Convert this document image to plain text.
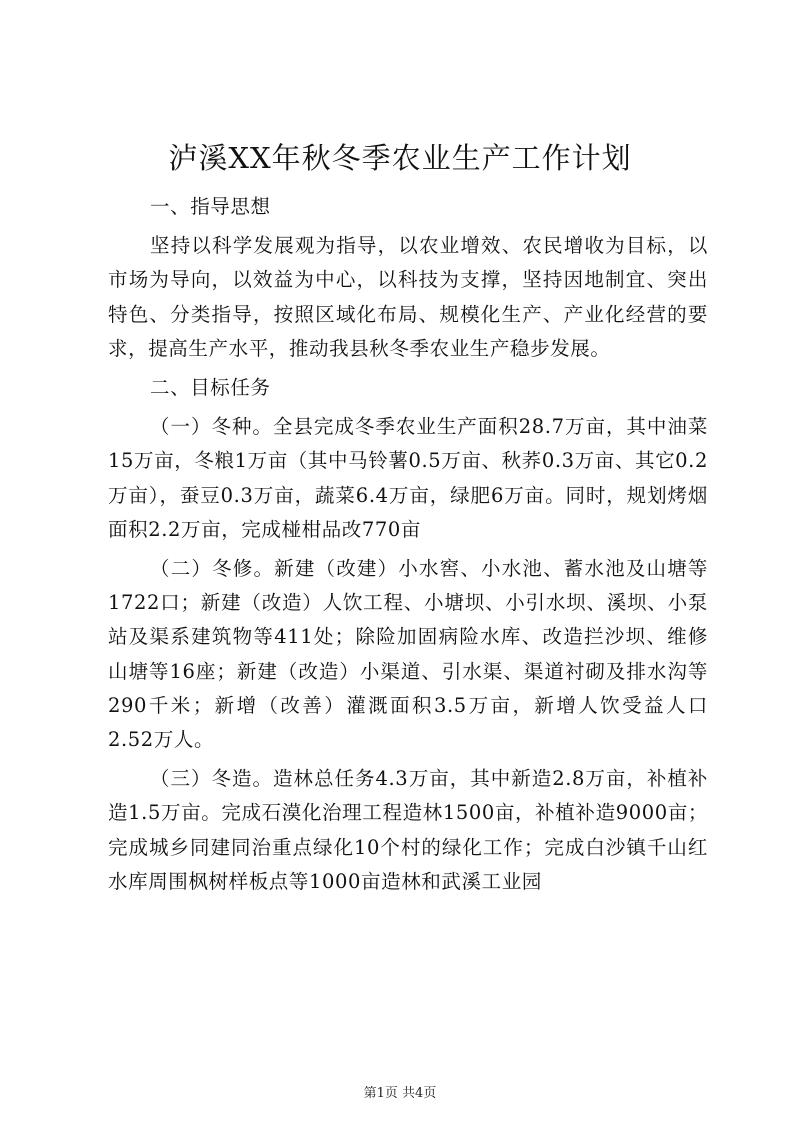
泸溪XX年秋冬季农业生产工作计划

一、指导思想

坚持以科学发展观为指导，以农业增效、农民增收为目标，以市场为导向，以效益为中心，以科技为支撑，坚持因地制宜、突出特色、分类指导，按照区域化布局、规模化生产、产业化经营的要求，提高生产水平，推动我县秋冬季农业生产稳步发展。

二、目标任务

（一）冬种。全县完成冬季农业生产面积28.7万亩，其中油菜15万亩，冬粮1万亩（其中马铃薯0.5万亩、秋荞0.3万亩、其它0.2万亩），蚕豆0.3万亩，蔬菜6.4万亩，绿肥6万亩。同时，规划烤烟面积2.2万亩，完成椪柑品改770亩

（二）冬修。新建（改建）小水窖、小水池、蓄水池及山塘等1722口；新建（改造）人饮工程、小塘坝、小引水坝、溪坝、小泵站及渠系建筑物等411处；除险加固病险水库、改造拦沙坝、维修山塘等16座；新建（改造）小渠道、引水渠、渠道衬砌及排水沟等290千米；新增（改善）灌溉面积3.5万亩，新增人饮受益人口2.52万人。

（三）冬造。造林总任务4.3万亩，其中新造2.8万亩，补植补造1.5万亩。完成石漠化治理工程造林1500亩，补植补造9000亩；完成城乡同建同治重点绿化10个村的绿化工作；完成白沙镇千山红水库周围枫树样板点等1000亩造林和武溪工业园

第1页 共4页
